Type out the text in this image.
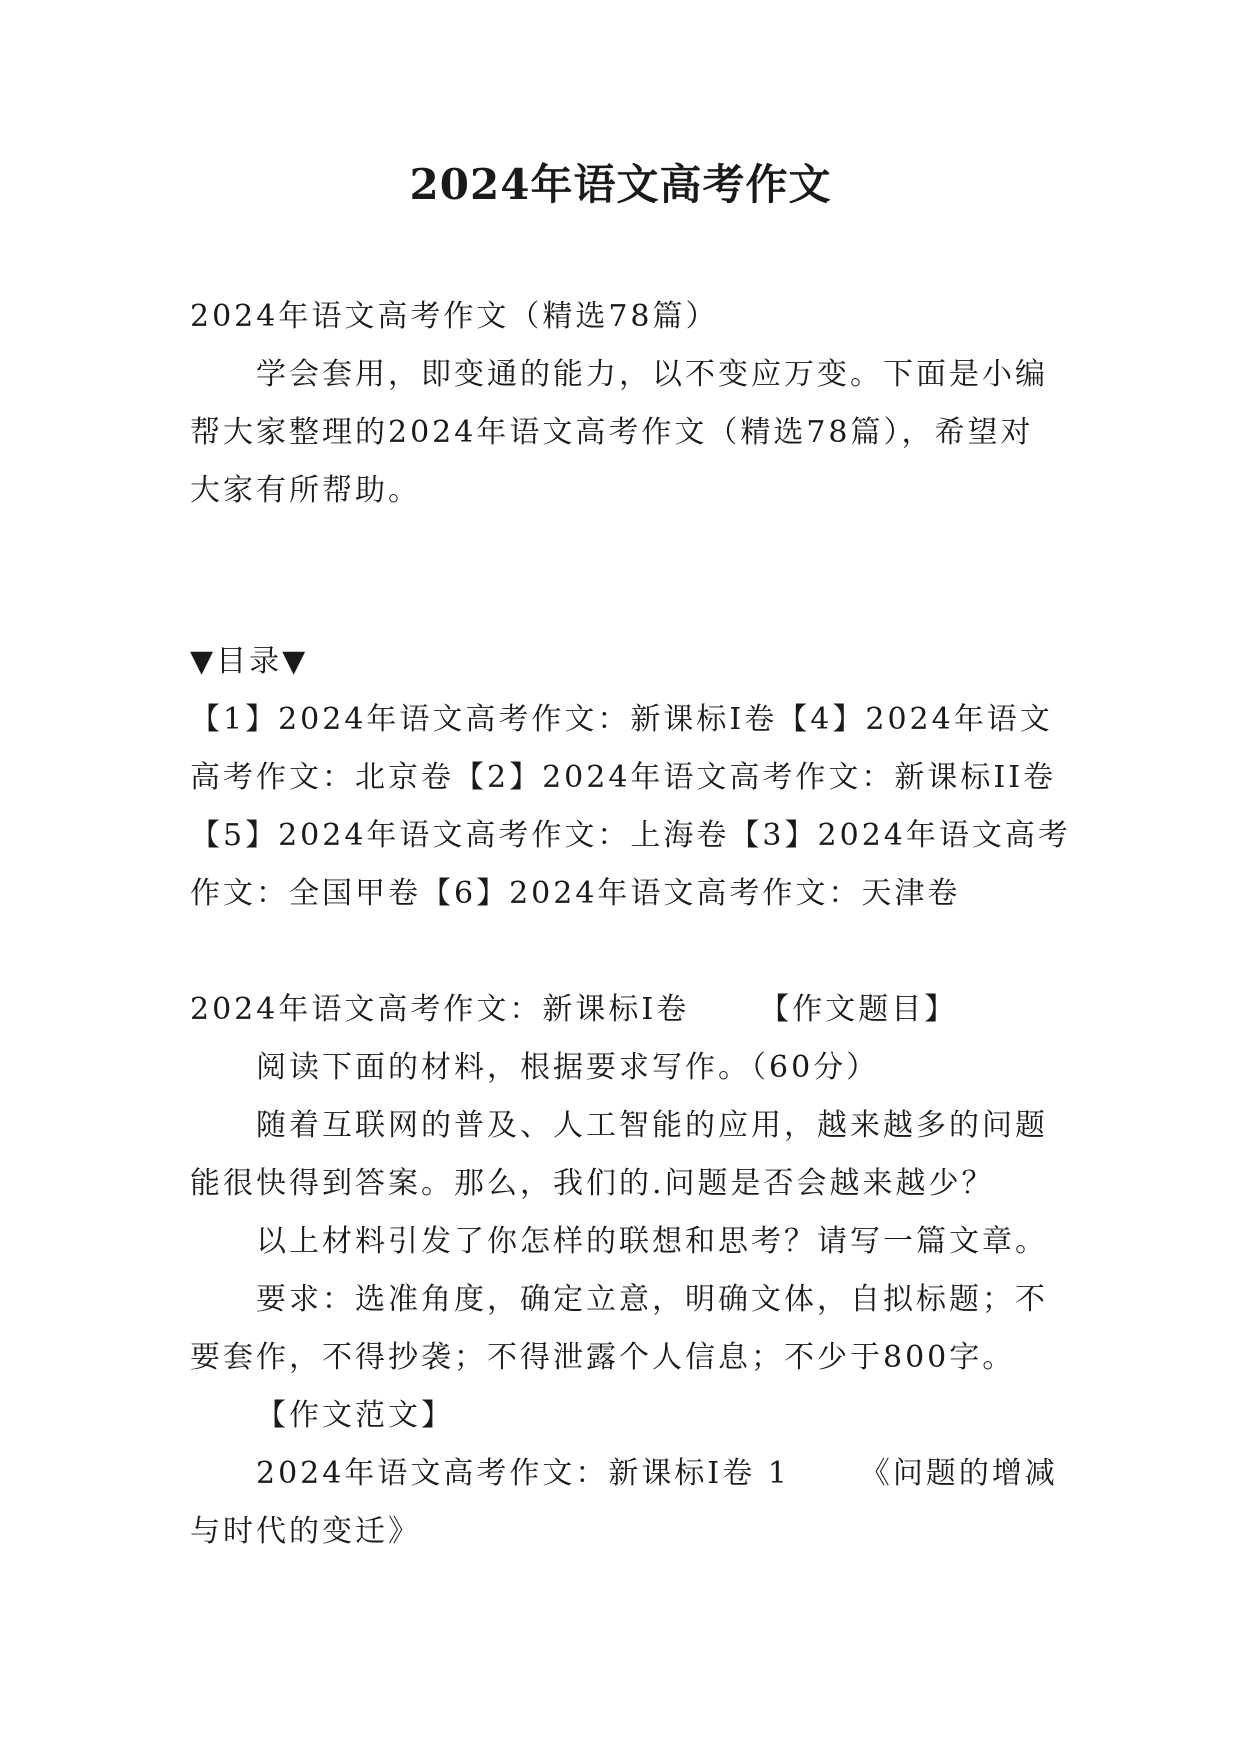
2024年语文高考作文
2024年语文高考作文（精选78篇）
学会套用，即变通的能力，以不变应万变。下面是小编
帮大家整理的2024年语文高考作文（精选78篇），希望对
大家有所帮助。
▼目录▼
【1】2024年语文高考作文：新课标I卷【4】2024年语文
高考作文：北京卷【2】2024年语文高考作文：新课标II卷
【5】2024年语文高考作文：上海卷【3】2024年语文高考
作文：全国甲卷【6】2024年语文高考作文：天津卷
2024年语文高考作文：新课标I卷 【作文题目】
阅读下面的材料，根据要求写作。（60分）
随着互联网的普及、人工智能的应用，越来越多的问题
能很快得到答案。那么，我们的.问题是否会越来越少？
以上材料引发了你怎样的联想和思考？请写一篇文章。
要求：选准角度，确定立意，明确文体，自拟标题；不
要套作，不得抄袭；不得泄露个人信息；不少于800字。
【作文范文】
2024年语文高考作文：新课标I卷 1 《问题的增减
与时代的变迁》
